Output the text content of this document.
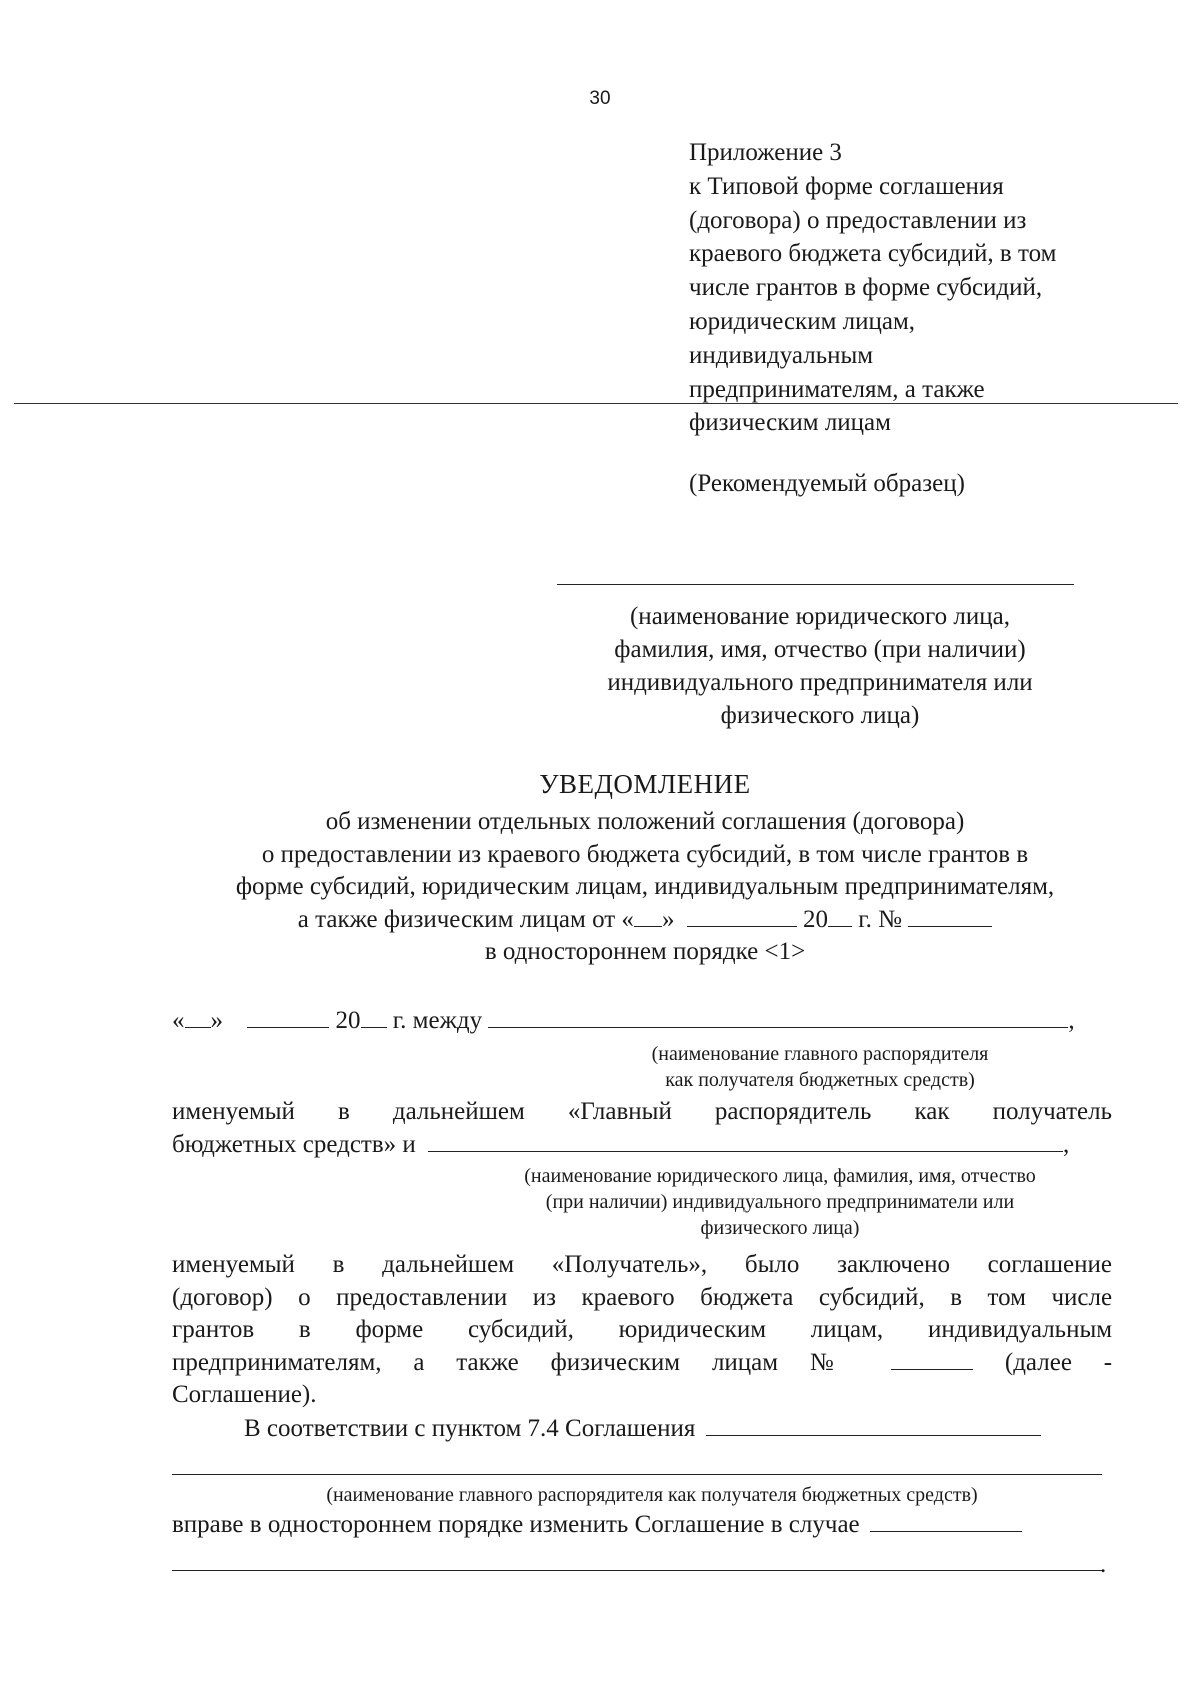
30
Приложение 3
к Типовой форме соглашения
(договора) о предоставлении из
краевого бюджета субсидий, в том
числе грантов в форме субсидий,
юридическим лицам,
индивидуальным
предпринимателям, а также
физическим лицам
(Рекомендуемый образец)
(наименование юридического лица,
фамилия, имя, отчество (при наличии)
индивидуального предпринимателя или
физического лица)
УВЕДОМЛЕНИЕ
об изменении отдельных положений соглашения (договора)
о предоставлении из краевого бюджета субсидий, в том числе грантов в
форме субсидий, юридическим лицам, индивидуальным предпринимателям,
а также физическим лицам от « »	20 г. №
в одностороннем порядке <1>
« »	20 г. между	,
(наименование главного распорядителя
как получателя бюджетных средств)
именуемый в дальнейшем «Главный распорядитель как получатель
бюджетных средств» и	,
(наименование юридического лица, фамилия, имя, отчество
(при наличии) индивидуального предприниматели или
физического лица)
именуемый в дальнейшем «Получатель», было заключено соглашение
(договор) о предоставлении из краевого бюджета субсидий, в том числе
грантов в форме субсидий, юридическим лицам, индивидуальным
предпринимателям, а также физическим лицам №	(далее -
Соглашение).
В соответствии с пунктом 7.4 Соглашения
(наименование главного распорядителя как получателя бюджетных средств)
вправе в одностороннем порядке изменить Соглашение в случае
.
